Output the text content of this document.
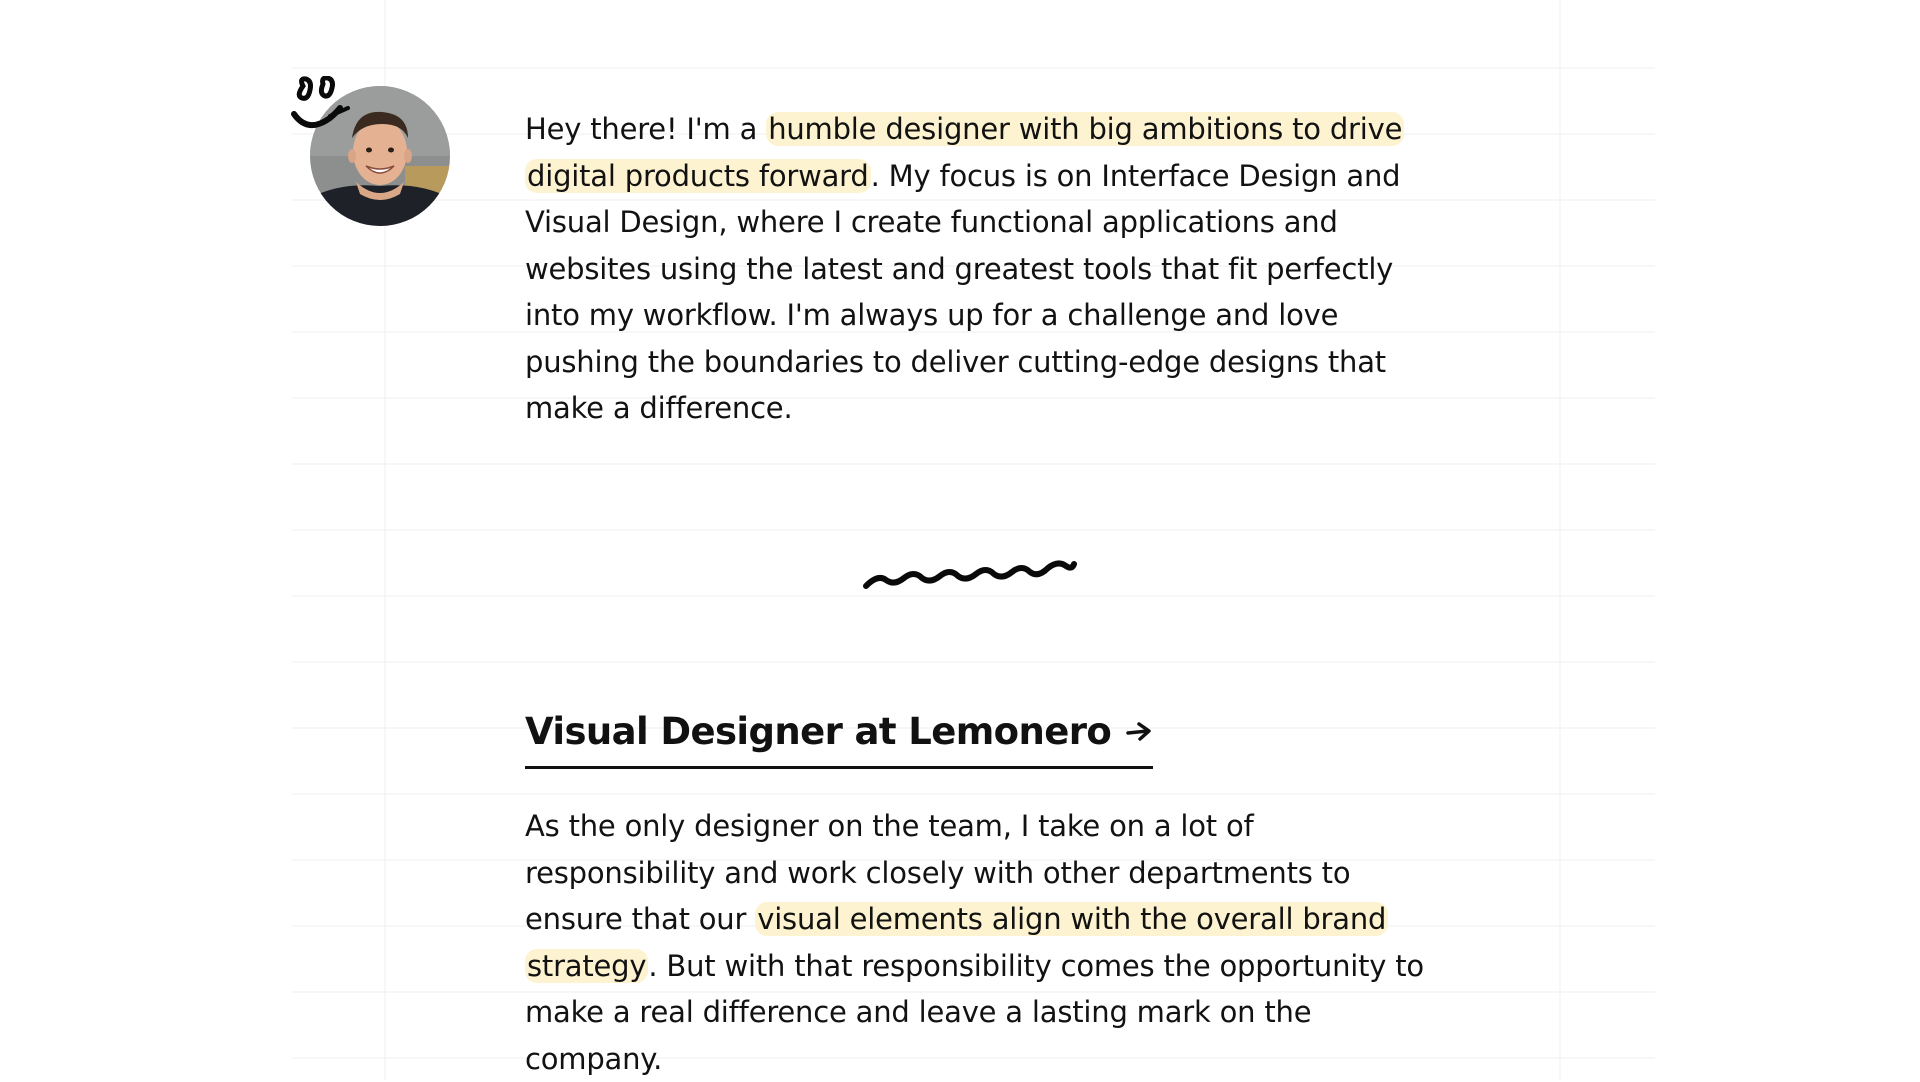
Hey there! I'm a humble designer with big ambitions to drive digital products forward. My focus is on Interface Design and Visual Design, where I create functional applications and websites using the latest and greatest tools that fit perfectly into my workflow. I'm always up for a challenge and love pushing the boundaries to deliver cutting-edge designs that make a difference.

Visual Designer at Lemonero

As the only designer on the team, I take on a lot of responsibility and work closely with other departments to ensure that our visual elements align with the overall brand strategy. But with that responsibility comes the opportunity to make a real difference and leave a lasting mark on the company.
